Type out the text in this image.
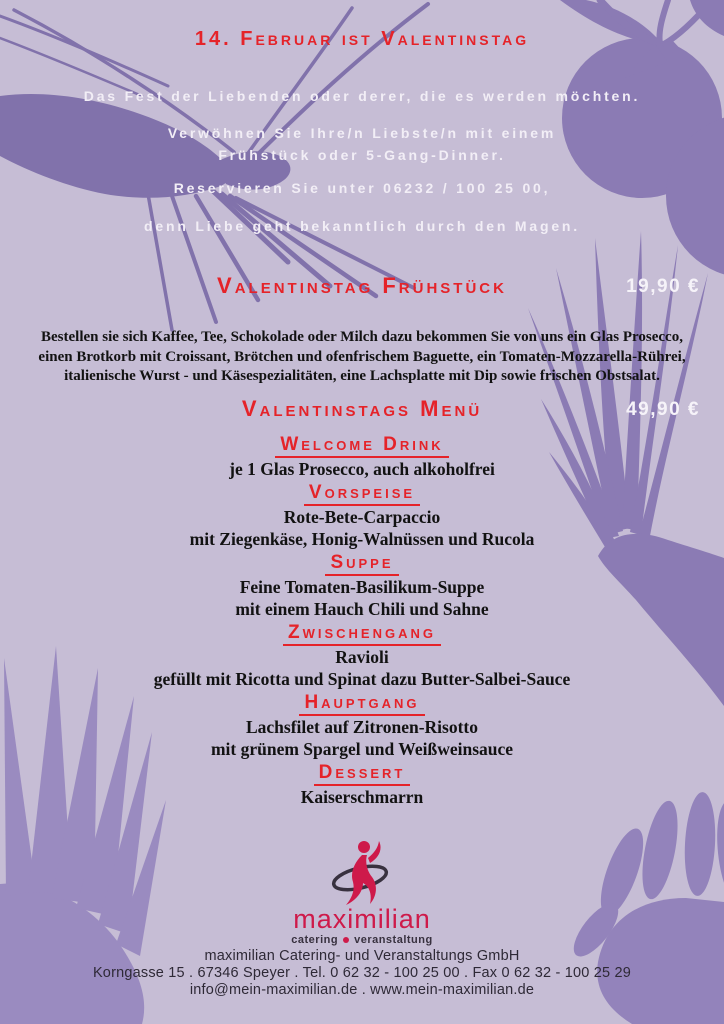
14. Februar ist Valentinstag

Das Fest der Liebenden oder derer, die es werden möchten.

Verwöhnen Sie Ihre/n Liebste/n mit einem

Frühstück oder 5-Gang-Dinner.

Reservieren Sie unter 06232 / 100 25 00,

denn Liebe geht bekanntlich durch den Magen.

Valentinstag Frühstück	19,90 €
Bestellen sie sich Kaffee, Tee, Schokolade oder Milch dazu bekommen Sie von uns ein Glas Prosecco,
einen Brotkorb mit Croissant, Brötchen und ofenfrischem Baguette, ein Tomaten-Mozzarella-Rührei,
italienische Wurst - und Käsespezialitäten, eine Lachsplatte mit Dip sowie frischen Obstsalat.
Valentinstags Menü	49,90 €
Welcome Drink
je 1 Glas Prosecco, auch alkoholfrei
Vorspeise
Rote-Bete-Carpaccio
mit Ziegenkäse, Honig-Walnüssen und Rucola
Suppe
Feine Tomaten-Basilikum-Suppe
mit einem Hauch Chili und Sahne
Zwischengang
Ravioli
gefüllt mit Ricotta und Spinat dazu Butter-Salbei-Sauce
Hauptgang
Lachsfilet auf Zitronen-Risotto
mit grünem Spargel und Weißweinsauce
Dessert
Kaiserschmarrn
maximilian
catering veranstaltung
maximilian Catering- und Veranstaltungs GmbH
Korngasse 15 . 67346 Speyer . Tel. 0 62 32 - 100 25 00 . Fax 0 62 32 - 100 25 29
info@mein-maximilian.de . www.mein-maximilian.de
